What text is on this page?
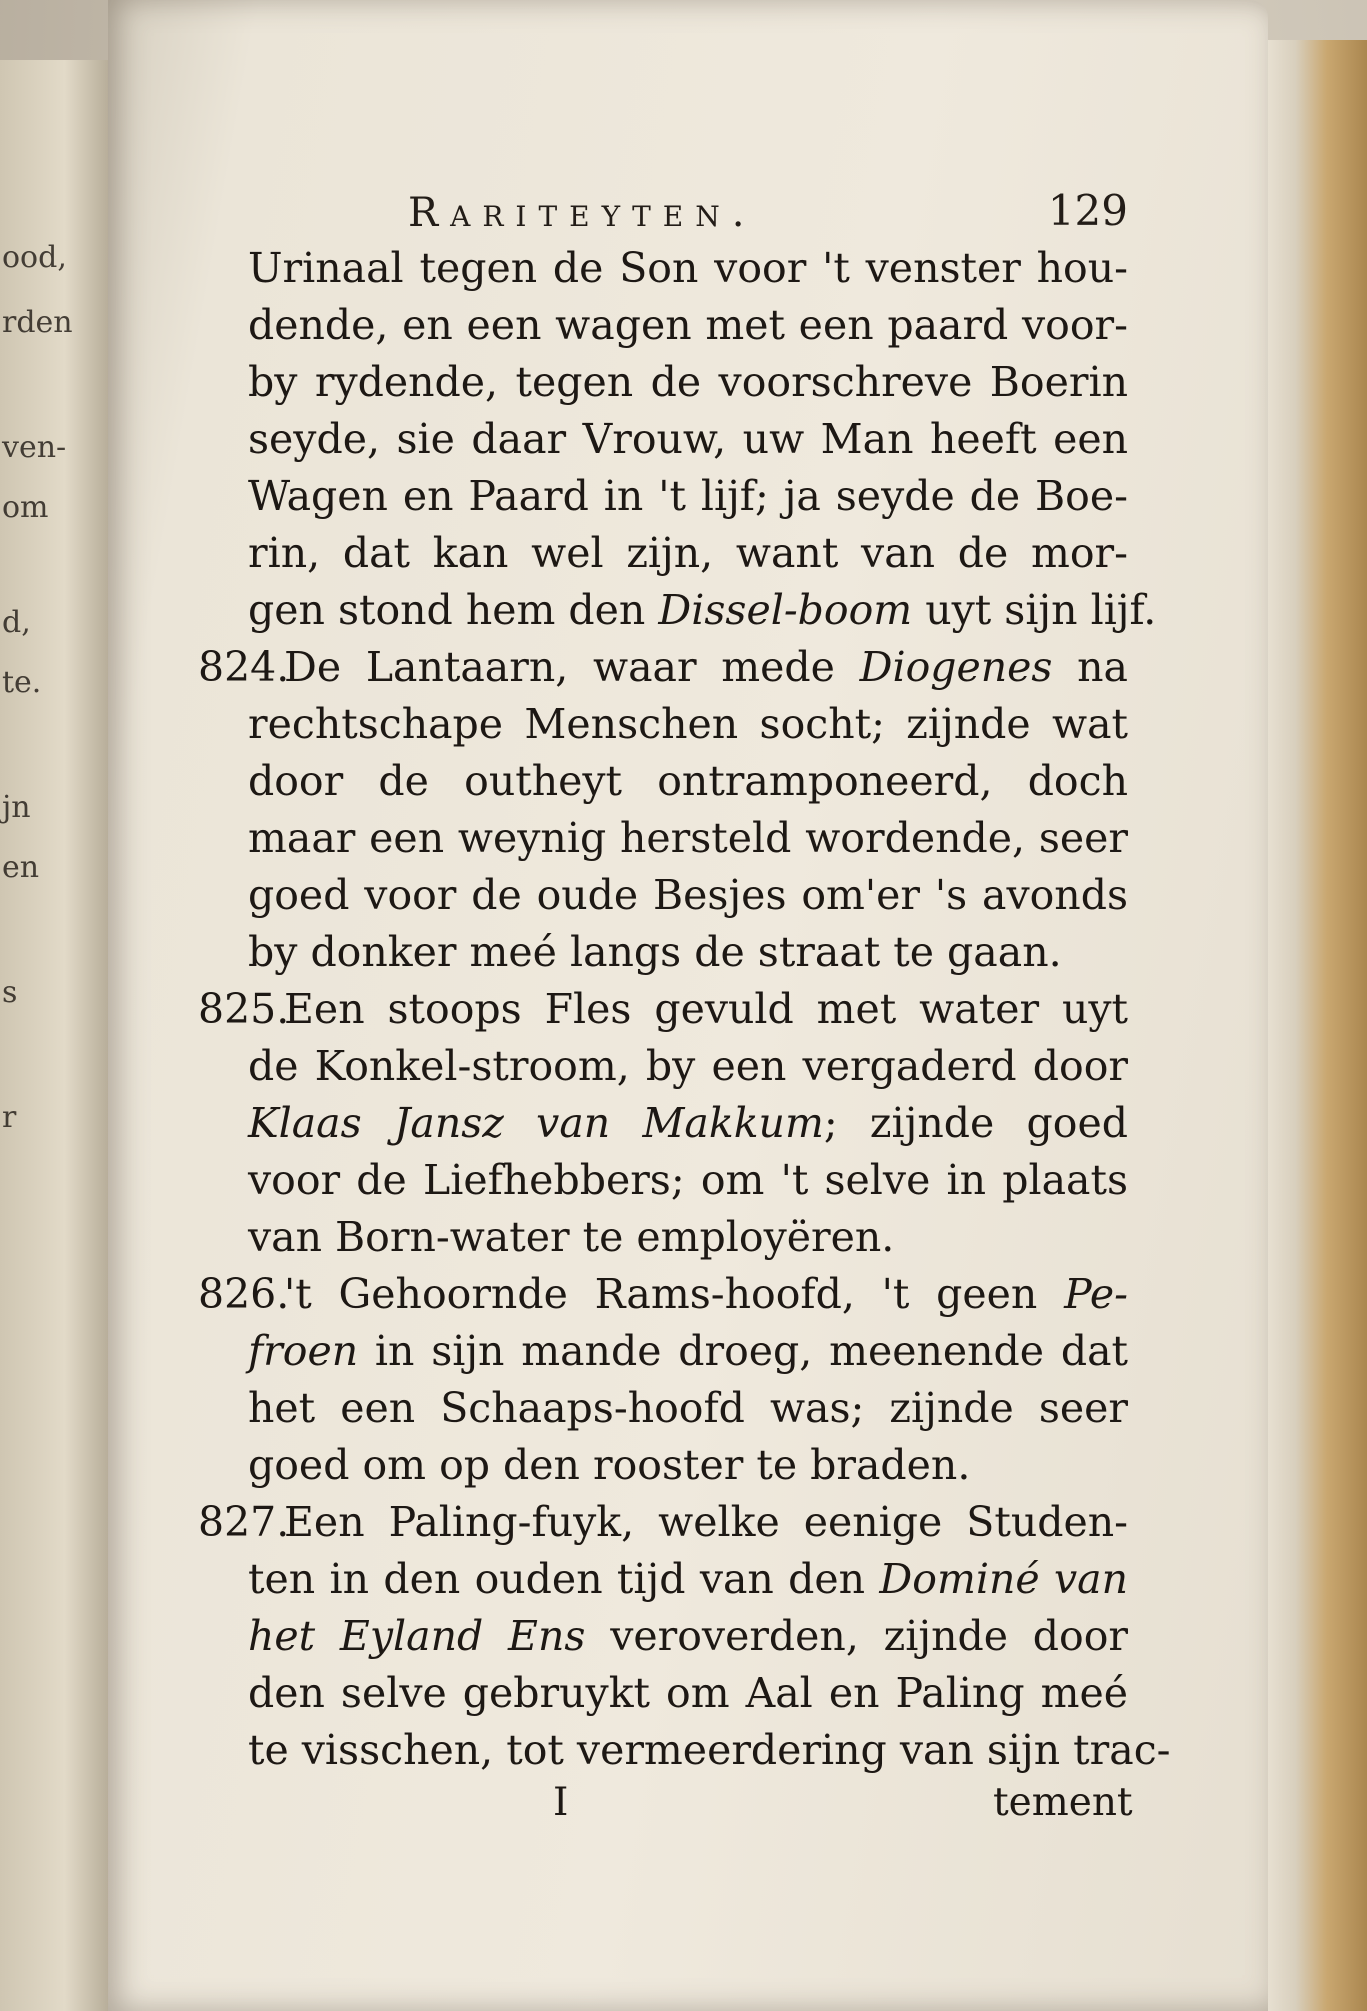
ood,
rden
ven-
om
d,
te.
jn
en
s
r
Rariteyten.	129
Urinaal tegen de Son voor 't venster hou-
dende, en een wagen met een paard voor-
by rydende, tegen de voorschreve Boerin
seyde, sie daar Vrouw, uw Man heeft een
Wagen en Paard in 't lijf; ja seyde de Boe-
rin, dat kan wel zijn, want van de mor-
gen stond hem den Dissel-boom uyt sijn lijf.
824.De Lantaarn, waar mede Diogenes na
rechtschape Menschen socht; zijnde wat
door de outheyt ontramponeerd, doch
maar een weynig hersteld wordende, seer
goed voor de oude Besjes om'er 's avonds
by donker meé langs de straat te gaan.
825.Een stoops Fles gevuld met water uyt
de Konkel-stroom, by een vergaderd door
Klaas Jansz van Makkum; zijnde goed
voor de Liefhebbers; om 't selve in plaats
van Born-water te employëren.
826.'t Gehoornde Rams-hoofd, 't geen Pe-
froen in sijn mande droeg, meenende dat
het een Schaaps-hoofd was; zijnde seer
goed om op den rooster te braden.
827.Een Paling-fuyk, welke eenige Studen-
ten in den ouden tijd van den Dominé van
het Eyland Ens veroverden, zijnde door
den selve gebruykt om Aal en Paling meé
te visschen, tot vermeerdering van sijn trac-
I	tement
